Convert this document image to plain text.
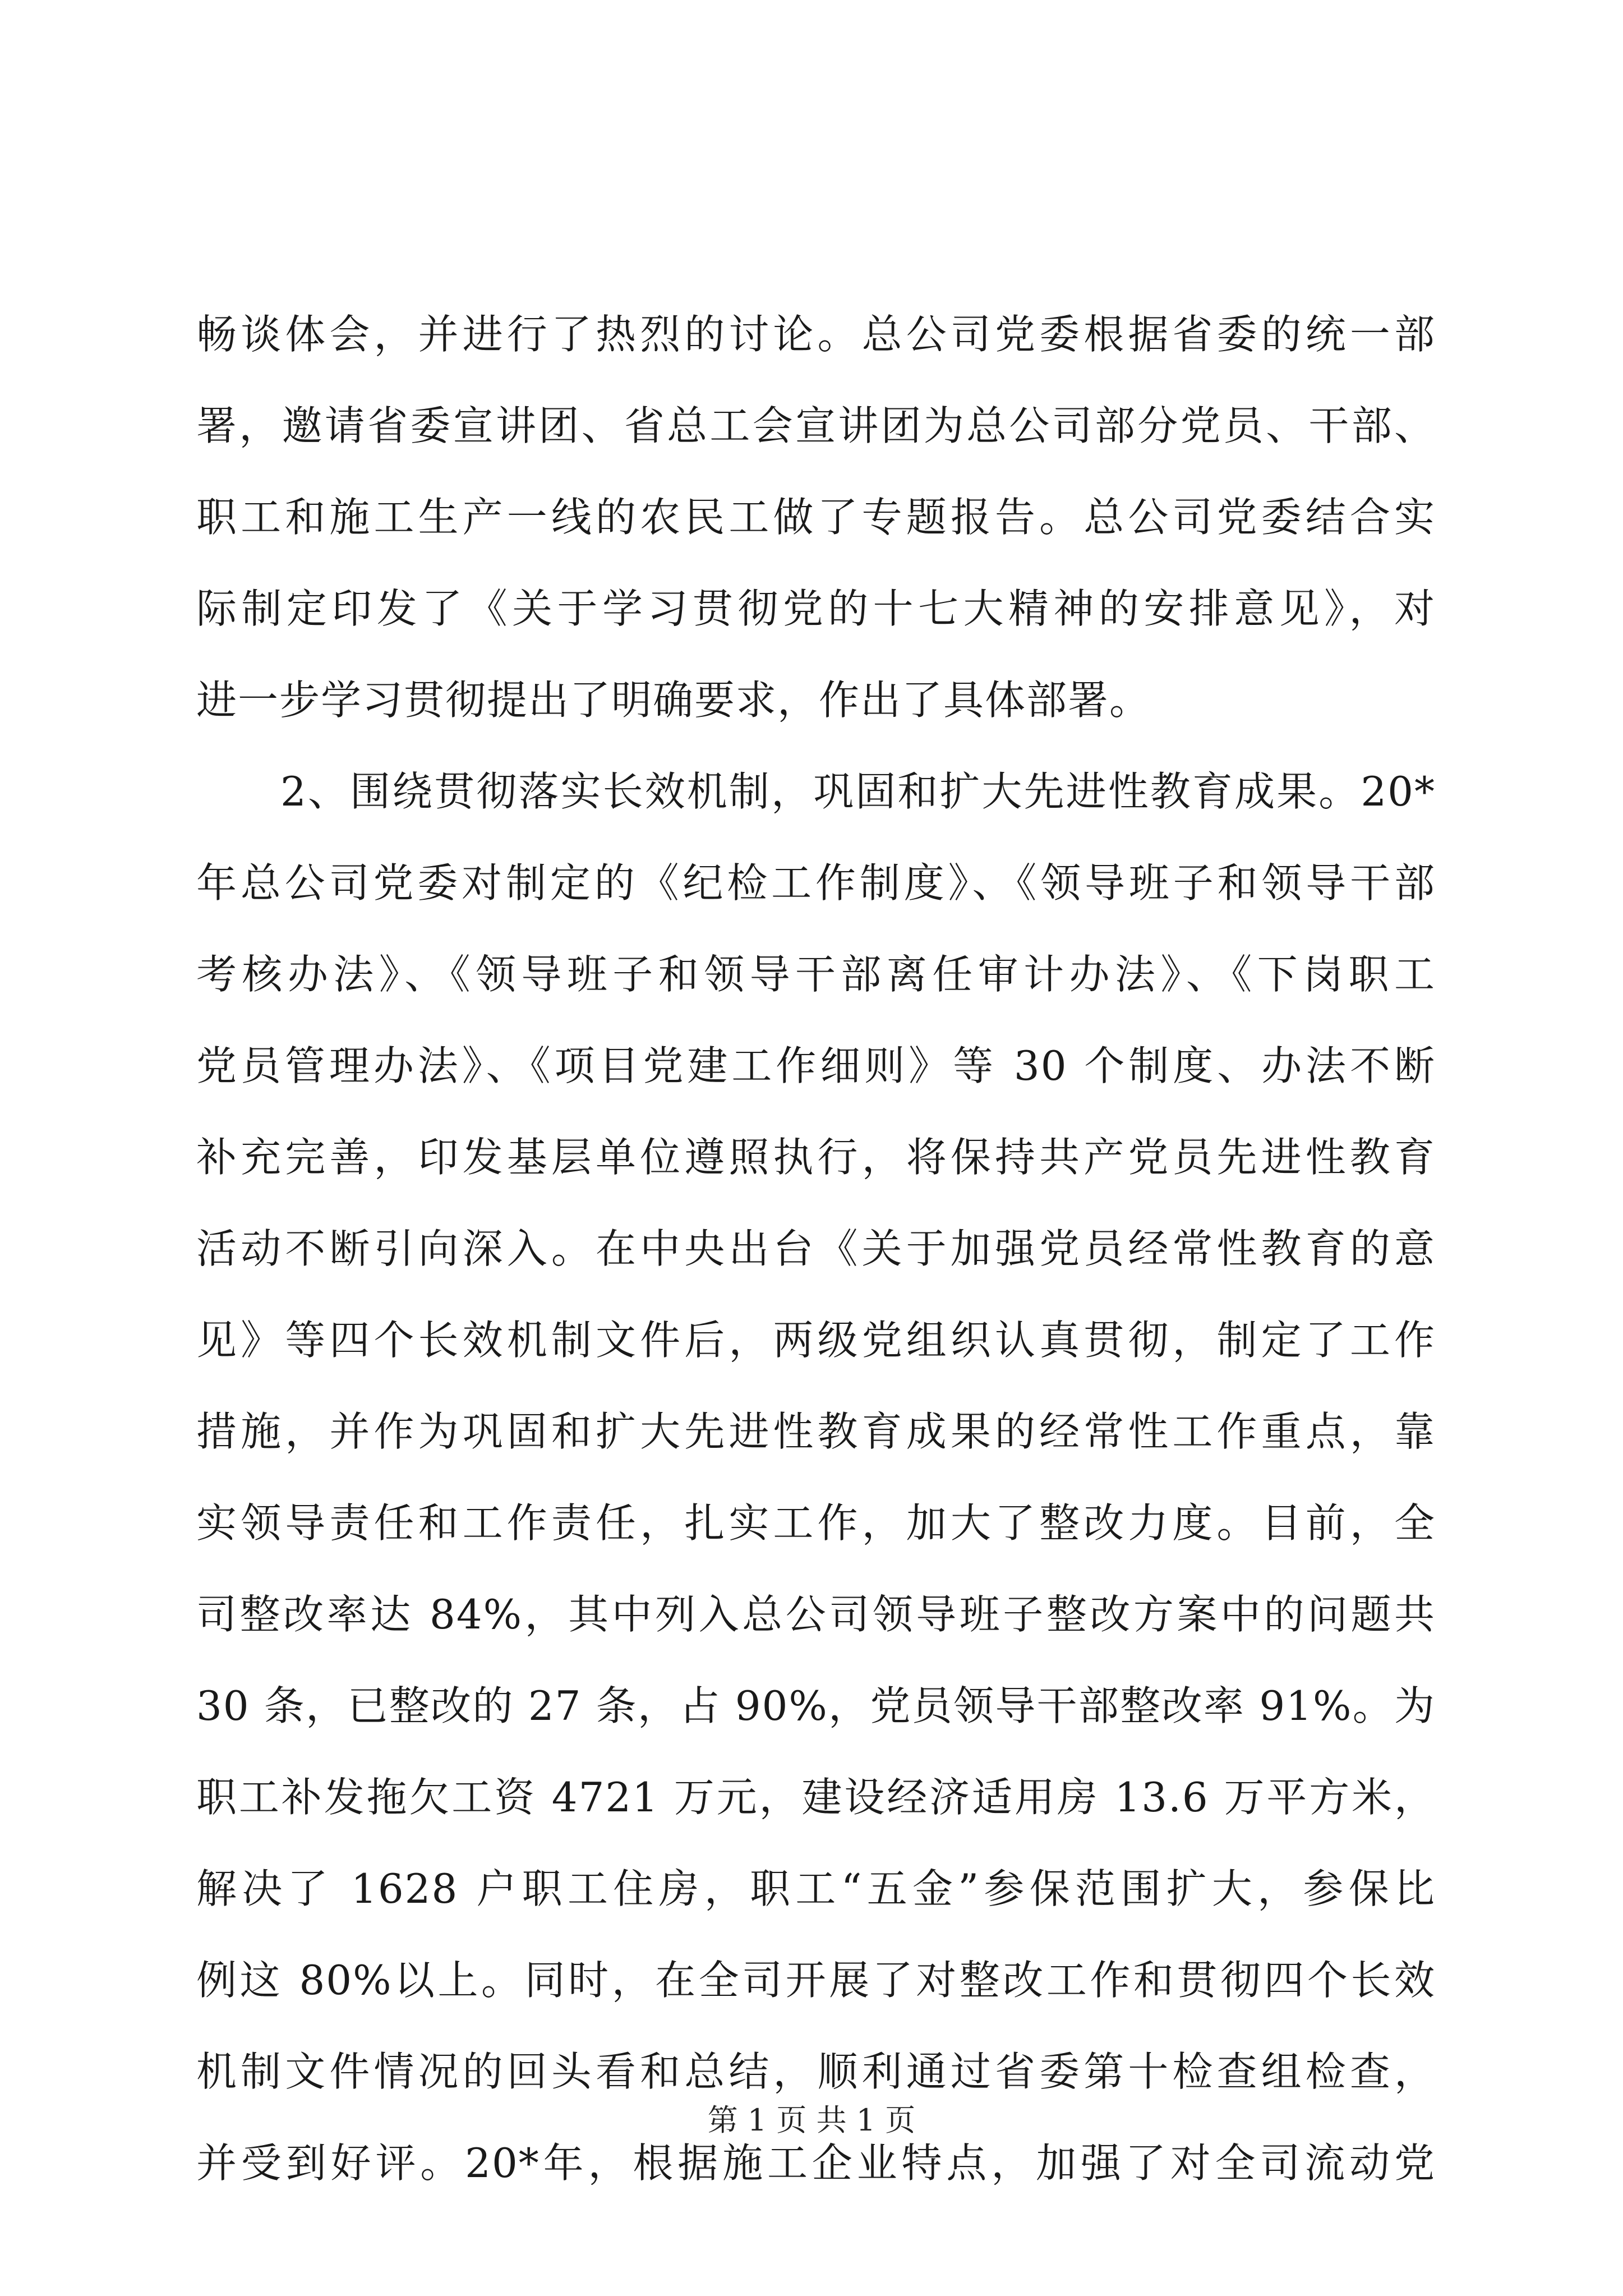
畅谈体会，并进行了热烈的讨论。总公司党委根据省委的统一部
署，邀请省委宣讲团、省总工会宣讲团为总公司部分党员、干部、
职工和施工生产一线的农民工做了专题报告。总公司党委结合实
际制定印发了《关于学习贯彻党的十七大精神的安排意见》，对
进一步学习贯彻提出了明确要求，作出了具体部署。
2、围绕贯彻落实长效机制，巩固和扩大先进性教育成果。20*
年总公司党委对制定的《纪检工作制度》、《领导班子和领导干部
考核办法》、《领导班子和领导干部离任审计办法》、《下岗职工
党员管理办法》、《项目党建工作细则》等 30 个制度、办法不断
补充完善，印发基层单位遵照执行，将保持共产党员先进性教育
活动不断引向深入。在中央出台《关于加强党员经常性教育的意
见》等四个长效机制文件后，两级党组织认真贯彻，制定了工作
措施，并作为巩固和扩大先进性教育成果的经常性工作重点，靠
实领导责任和工作责任，扎实工作，加大了整改力度。目前，全
司整改率达 84%，其中列入总公司领导班子整改方案中的问题共
30 条，已整改的 27 条，占 90%，党员领导干部整改率 91%。为
职工补发拖欠工资 4721 万元，建设经济适用房 13.6 万平方米，
解决了 1628 户职工住房，职工“五金”参保范围扩大，参保比
例这 80%以上。同时，在全司开展了对整改工作和贯彻四个长效
机制文件情况的回头看和总结，顺利通过省委第十检查组检查，
并受到好评。20*年，根据施工企业特点，加强了对全司流动党
第 1 页 共 1 页
